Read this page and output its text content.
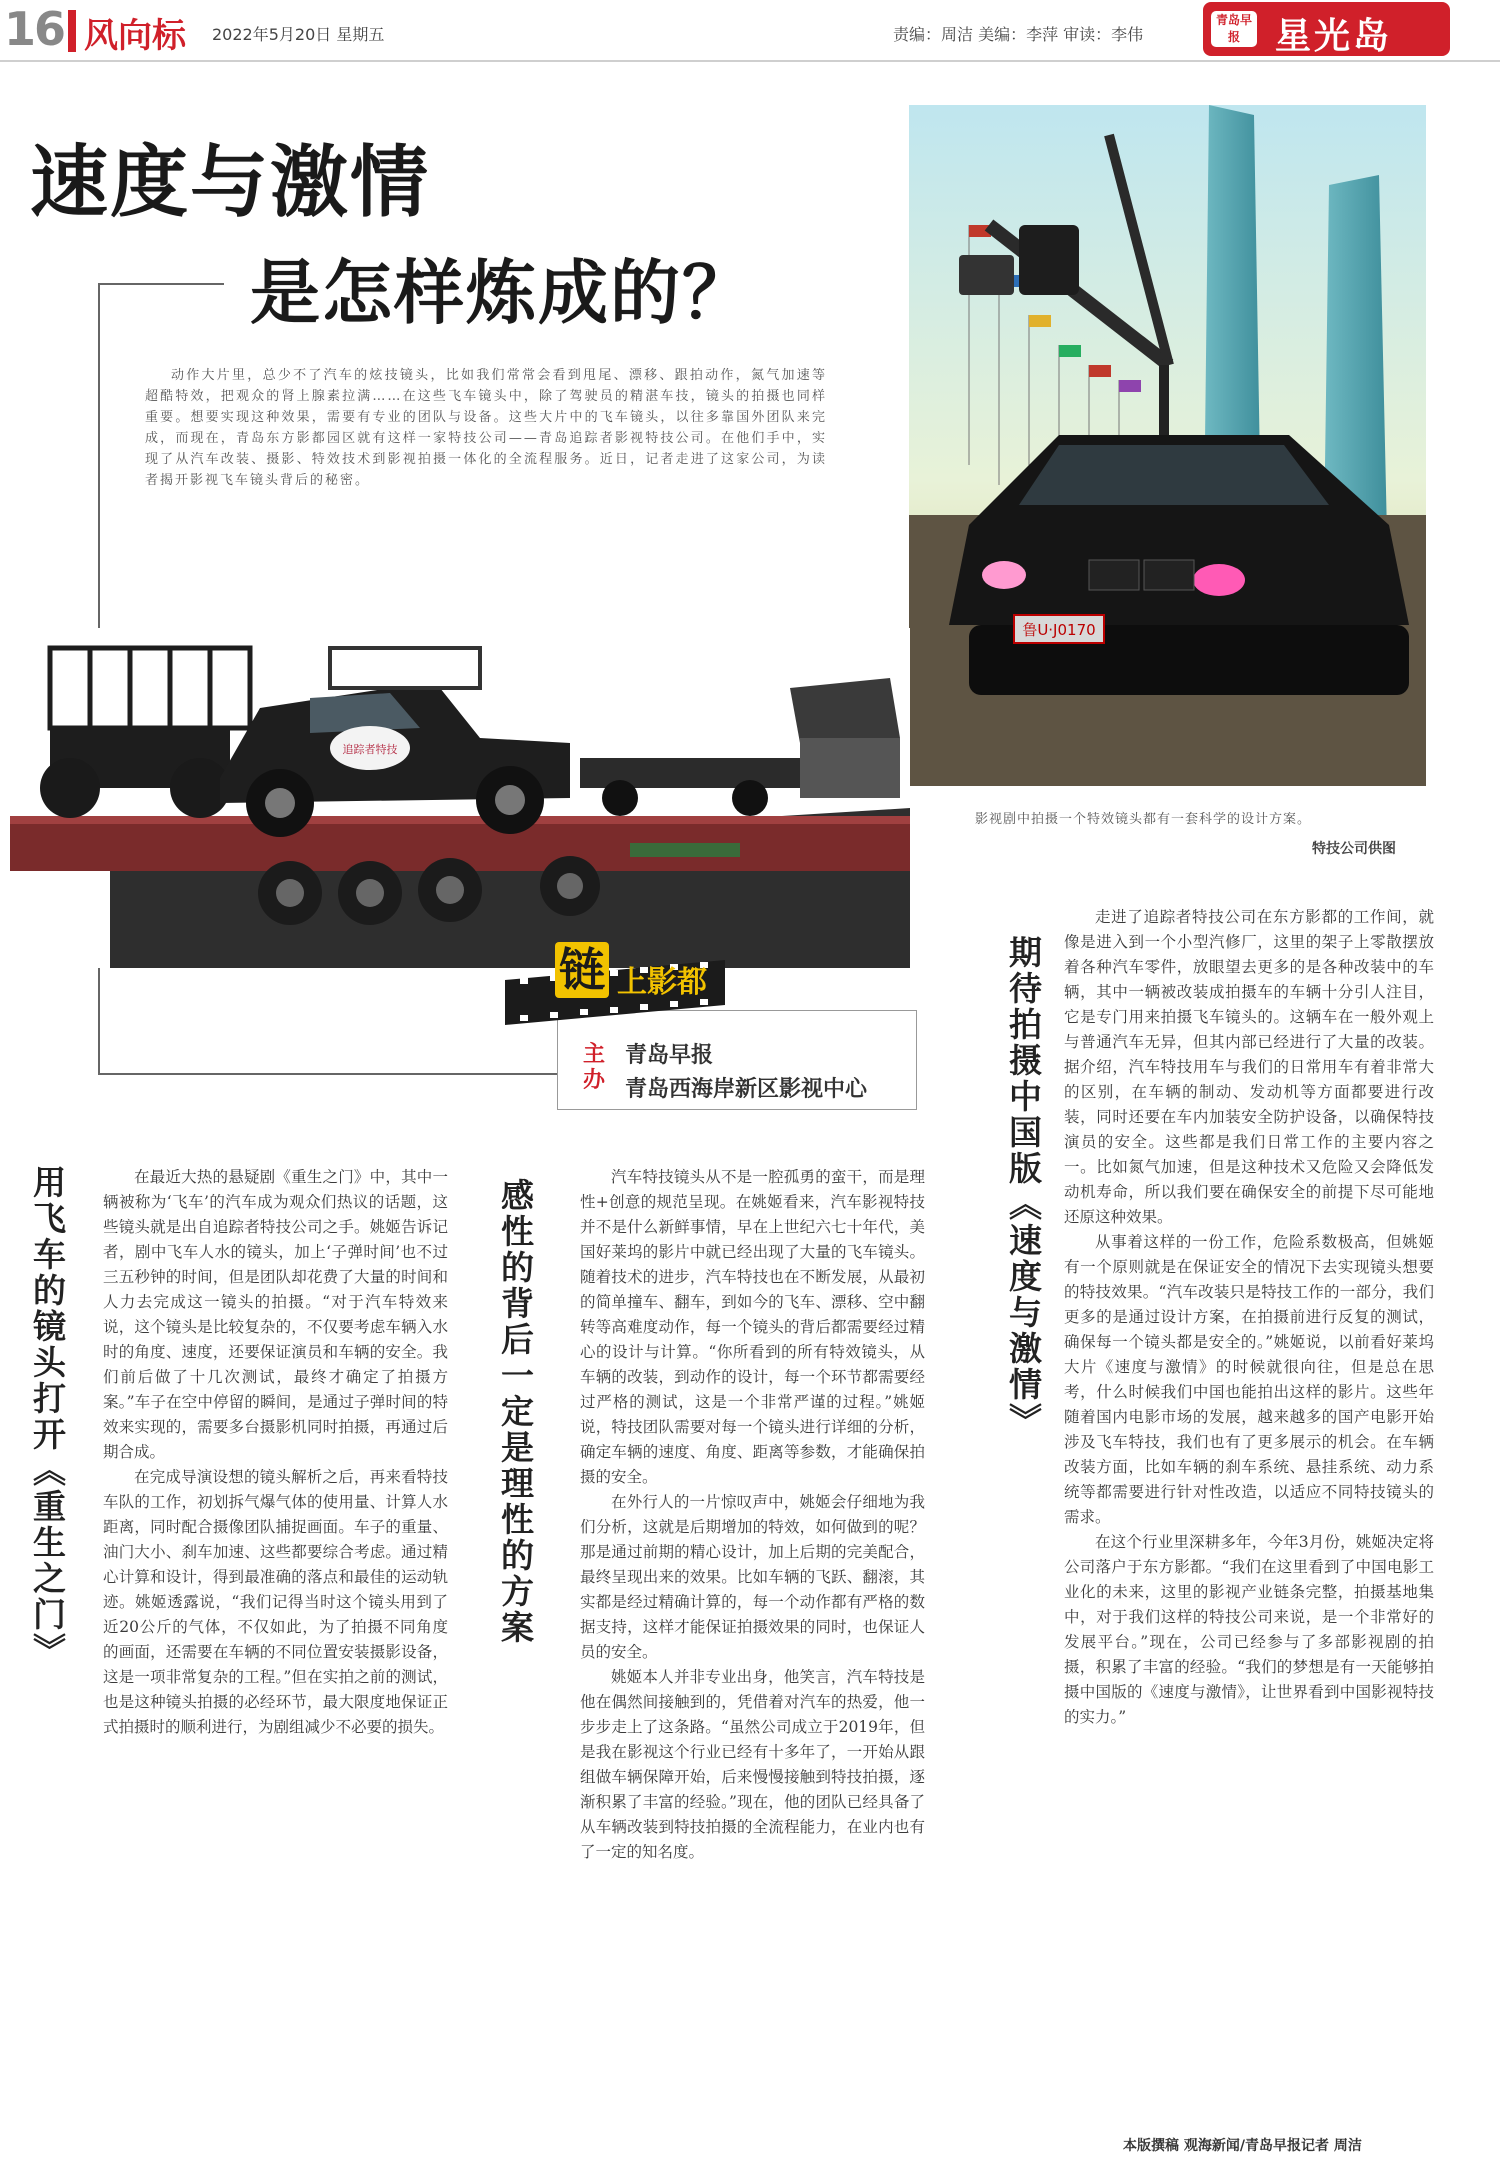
16 风向标 2022年5月20日 星期五	责编：周洁 美编：李萍 审读：李伟
青岛早报 星光岛
速度与激情
是怎样炼成的？

动作大片里，总少不了汽车的炫技镜头，比如我们常常会看到甩尾、漂移、跟拍动作，氮气加速等超酷特效，把观众的肾上腺素拉满……在这些飞车镜头中，除了驾驶员的精湛车技，镜头的拍摄也同样重要。想要实现这种效果，需要有专业的团队与设备。这些大片中的飞车镜头，以往多靠国外团队来完成，而现在，青岛东方影都园区就有这样一家特技公司——青岛追踪者影视特技公司。在他们手中，实现了从汽车改装、摄影、特效技术到影视拍摄一体化的全流程服务。近日，记者走进了这家公司，为读者揭开影视飞车镜头背后的秘密。

鲁U·J0170
追踪者特技
影视剧中拍摄一个特效镜头都有一套科学的设计方案。
特技公司供图
链 上影都
主办
青岛早报
青岛西海岸新区影视中心	期待拍摄中国版《速度与激情》
用飞车的镜头打开《重生之门》	感性的背后一定是理性的方案

走进了追踪者特技公司在东方影都的工作间，就像是进入到一个小型汽修厂，这里的架子上零散摆放着各种汽车零件，放眼望去更多的是各种改装中的车辆，其中一辆被改装成拍摄车的车辆十分引人注目，它是专门用来拍摄飞车镜头的。这辆车在一般外观上与普通汽车无异，但其内部已经进行了大量的改装。据介绍，汽车特技用车与我们的日常用车有着非常大的区别，在车辆的制动、发动机等方面都要进行改装，同时还要在车内加装安全防护设备，以确保特技演员的安全。这些都是我们日常工作的主要内容之一。比如氮气加速，但是这种技术又危险又会降低发动机寿命，所以我们要在确保安全的前提下尽可能地还原这种效果。

从事着这样的一份工作，危险系数极高，但姚姬有一个原则就是在保证安全的情况下去实现镜头想要的特技效果。“汽车改装只是特技工作的一部分，我们更多的是通过设计方案，在拍摄前进行反复的测试，确保每一个镜头都是安全的。”姚姬说，以前看好莱坞大片《速度与激情》的时候就很向往，但是总在思考，什么时候我们中国也能拍出这样的影片。这些年随着国内电影市场的发展，越来越多的国产电影开始涉及飞车特技，我们也有了更多展示的机会。在车辆改装方面，比如车辆的刹车系统、悬挂系统、动力系统等都需要进行针对性改造，以适应不同特技镜头的需求。

在这个行业里深耕多年，今年3月份，姚姬决定将公司落户于东方影都。“我们在这里看到了中国电影工业化的未来，这里的影视产业链条完整，拍摄基地集中，对于我们这样的特技公司来说，是一个非常好的发展平台。”现在，公司已经参与了多部影视剧的拍摄，积累了丰富的经验。“我们的梦想是有一天能够拍摄中国版的《速度与激情》，让世界看到中国影视特技的实力。”

在最近大热的悬疑剧《重生之门》中，其中一辆被称为‘飞车’的汽车成为观众们热议的话题，这些镜头就是出自追踪者特技公司之手。姚姬告诉记者，剧中飞车人水的镜头，加上‘子弹时间’也不过三五秒钟的时间，但是团队却花费了大量的时间和人力去完成这一镜头的拍摄。“对于汽车特效来说，这个镜头是比较复杂的，不仅要考虑车辆入水时的角度、速度，还要保证演员和车辆的安全。我们前后做了十几次测试，最终才确定了拍摄方案。”车子在空中停留的瞬间，是通过子弹时间的特效来实现的，需要多台摄影机同时拍摄，再通过后期合成。

在完成导演设想的镜头解析之后，再来看特技车队的工作，初划拆气爆气体的使用量、计算人水距离，同时配合摄像团队捕捉画面。车子的重量、油门大小、刹车加速、这些都要综合考虑。通过精心计算和设计，得到最准确的落点和最佳的运动轨迹。姚姬透露说，“我们记得当时这个镜头用到了近20公斤的气体，不仅如此，为了拍摄不同角度的画面，还需要在车辆的不同位置安装摄影设备，这是一项非常复杂的工程。”但在实拍之前的测试，也是这种镜头拍摄的必经环节，最大限度地保证正式拍摄时的顺利进行，为剧组减少不必要的损失。

汽车特技镜头从不是一腔孤勇的蛮干，而是理性+创意的规范呈现。在姚姬看来，汽车影视特技并不是什么新鲜事情，早在上世纪六七十年代，美国好莱坞的影片中就已经出现了大量的飞车镜头。随着技术的进步，汽车特技也在不断发展，从最初的简单撞车、翻车，到如今的飞车、漂移、空中翻转等高难度动作，每一个镜头的背后都需要经过精心的设计与计算。“你所看到的所有特效镜头，从车辆的改装，到动作的设计，每一个环节都需要经过严格的测试，这是一个非常严谨的过程。”姚姬说，特技团队需要对每一个镜头进行详细的分析，确定车辆的速度、角度、距离等参数，才能确保拍摄的安全。

在外行人的一片惊叹声中，姚姬会仔细地为我们分析，这就是后期增加的特效，如何做到的呢？那是通过前期的精心设计，加上后期的完美配合，最终呈现出来的效果。比如车辆的飞跃、翻滚，其实都是经过精确计算的，每一个动作都有严格的数据支持，这样才能保证拍摄效果的同时，也保证人员的安全。

姚姬本人并非专业出身，他笑言，汽车特技是他在偶然间接触到的，凭借着对汽车的热爱，他一步步走上了这条路。“虽然公司成立于2019年，但是我在影视这个行业已经有十多年了，一开始从跟组做车辆保障开始，后来慢慢接触到特技拍摄，逐渐积累了丰富的经验。”现在，他的团队已经具备了从车辆改装到特技拍摄的全流程能力，在业内也有了一定的知名度。

本版撰稿 观海新闻/青岛早报记者 周洁
